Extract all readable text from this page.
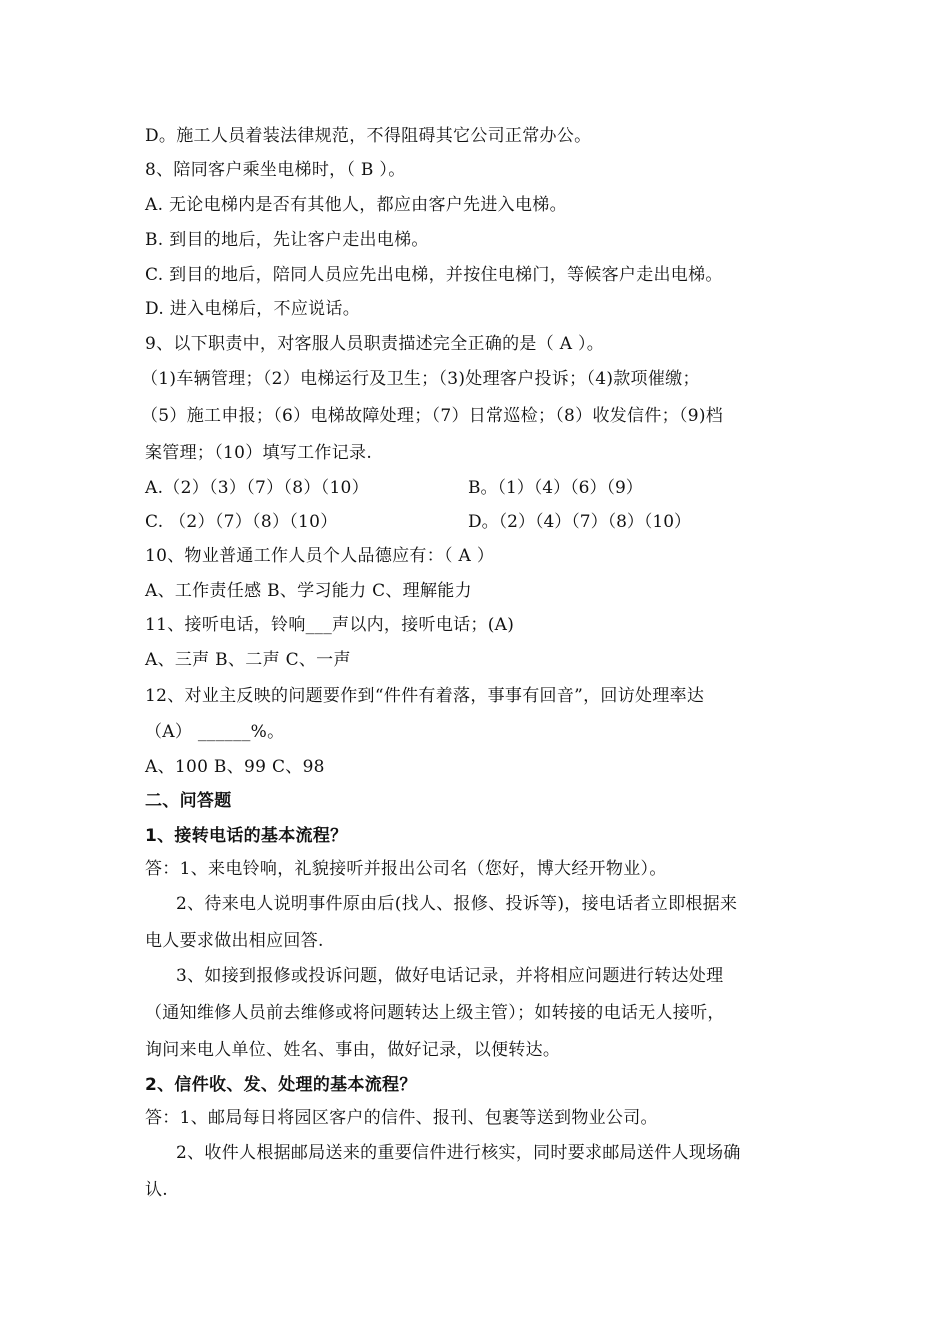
D。施工人员着装法律规范，不得阻碍其它公司正常办公。
8、陪同客户乘坐电梯时，（ B ）。
A. 无论电梯内是否有其他人，都应由客户先进入电梯。
B. 到目的地后，先让客户走出电梯。
C. 到目的地后，陪同人员应先出电梯，并按住电梯门，等候客户走出电梯。
D. 进入电梯后，不应说话。
9、以下职责中，对客服人员职责描述完全正确的是（ A ）。
（1)车辆管理；（2）电梯运行及卫生；（3)处理客户投诉；（4)款项催缴；
（5）施工申报；（6）电梯故障处理；（7）日常巡检；（8）收发信件；（9)档
案管理；（10）填写工作记录.
A.（2）（3）（7）（8）（10）	B。（1）（4）（6）（9）
C. （2）（7）（8）（10）	D。（2）（4）（7）（8）（10）
10、物业普通工作人员个人品德应有：（ A ）
A、工作责任感 B、学习能力 C、理解能力
11、接听电话，铃响___声以内，接听电话；(A)
A、三声 B、二声 C、一声
12、对业主反映的问题要作到“件件有着落，事事有回音”，回访处理率达
（A） ______%。
A、100 B、99 C、98
二、问答题
1、接转电话的基本流程？
答：1、来电铃响，礼貌接听并报出公司名（您好，博大经开物业）。
2、待来电人说明事件原由后(找人、报修、投诉等)，接电话者立即根据来
电人要求做出相应回答.
3、如接到报修或投诉问题，做好电话记录，并将相应问题进行转达处理
（通知维修人员前去维修或将问题转达上级主管）；如转接的电话无人接听，
询问来电人单位、姓名、事由，做好记录，以便转达。
2、信件收、发、处理的基本流程？
答：1、邮局每日将园区客户的信件、报刊、包裹等送到物业公司。
2、收件人根据邮局送来的重要信件进行核实，同时要求邮局送件人现场确
认.
